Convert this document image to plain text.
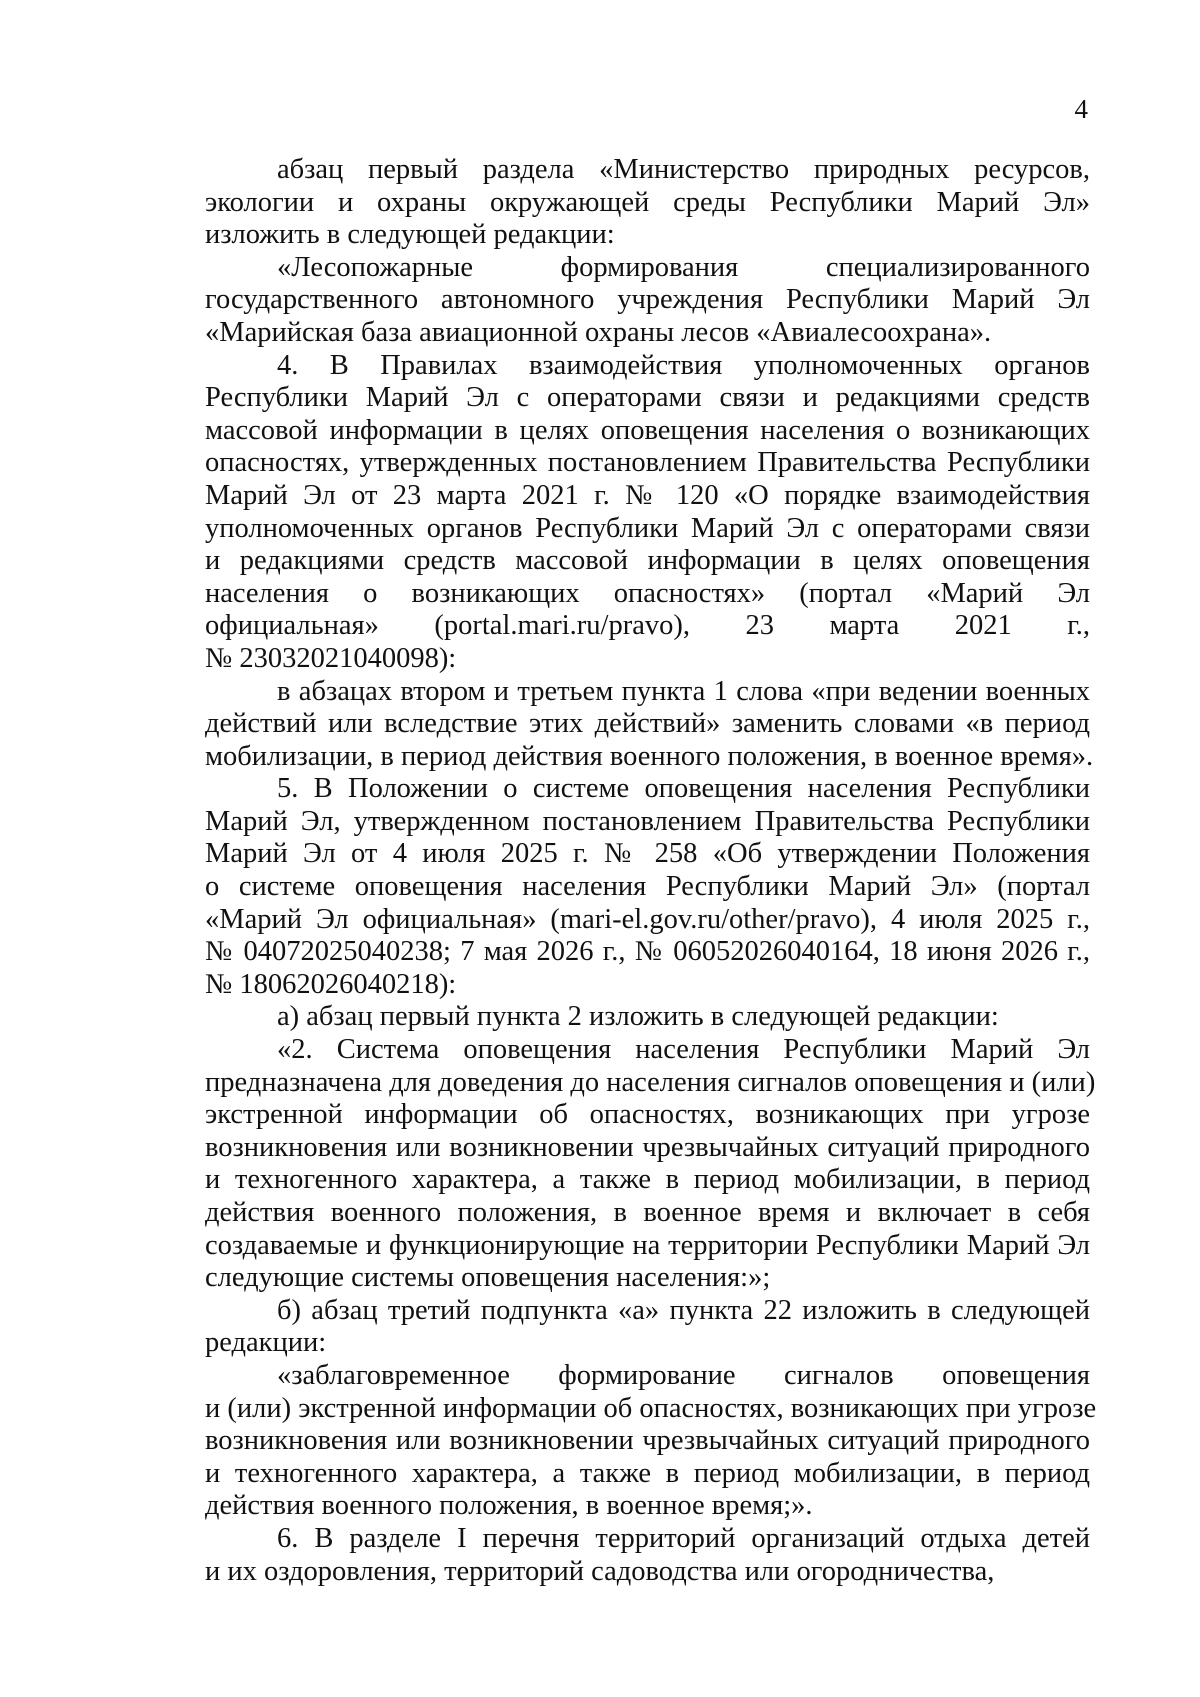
4

абзац первый раздела «Министерство природных ресурсов,
экологии и охраны окружающей среды Республики Марий Эл»
изложить в следующей редакции:

«Лесопожарные формирования специализированного
государственного автономного учреждения Республики Марий Эл
«Марийская база авиационной охраны лесов «Авиалесоохрана».

4. В Правилах взаимодействия уполномоченных органов
Республики Марий Эл с операторами связи и редакциями средств
массовой информации в целях оповещения населения о возникающих
опасностях, утвержденных постановлением Правительства Республики
Марий Эл от 23 марта 2021 г. № 120 «О порядке взаимодействия
уполномоченных органов Республики Марий Эл с операторами связи
и редакциями средств массовой информации в целях оповещения
населения о возникающих опасностях» (портал «Марий Эл
официальная» (portal.mari.ru/pravo), 23 марта 2021 г.,
№ 23032021040098):

в абзацах втором и третьем пункта 1 слова «при ведении военных
действий или вследствие этих действий» заменить словами «в период
мобилизации, в период действия военного положения, в военное время».

5. В Положении о системе оповещения населения Республики
Марий Эл, утвержденном постановлением Правительства Республики
Марий Эл от 4 июля 2025 г. № 258 «Об утверждении Положения
о системе оповещения населения Республики Марий Эл» (портал
«Марий Эл официальная» (mari-el.gov.ru/other/pravo), 4 июля 2025 г.,
№ 04072025040238; 7 мая 2026 г., № 06052026040164, 18 июня 2026 г.,
№ 18062026040218):

а) абзац первый пункта 2 изложить в следующей редакции:

«2. Система оповещения населения Республики Марий Эл
предназначена для доведения до населения сигналов оповещения и (или)
экстренной информации об опасностях, возникающих при угрозе
возникновения или возникновении чрезвычайных ситуаций природного
и техногенного характера, а также в период мобилизации, в период
действия военного положения, в военное время и включает в себя
создаваемые и функционирующие на территории Республики Марий Эл
следующие системы оповещения населения:»;

б) абзац третий подпункта «а» пункта 22 изложить в следующей
редакции:

«заблаговременное формирование сигналов оповещения
и (или) экстренной информации об опасностях, возникающих при угрозе
возникновения или возникновении чрезвычайных ситуаций природного
и техногенного характера, а также в период мобилизации, в период
действия военного положения, в военное время;».

6. В разделе I перечня территорий организаций отдыха детей
и их оздоровления, территорий садоводства или огородничества,
